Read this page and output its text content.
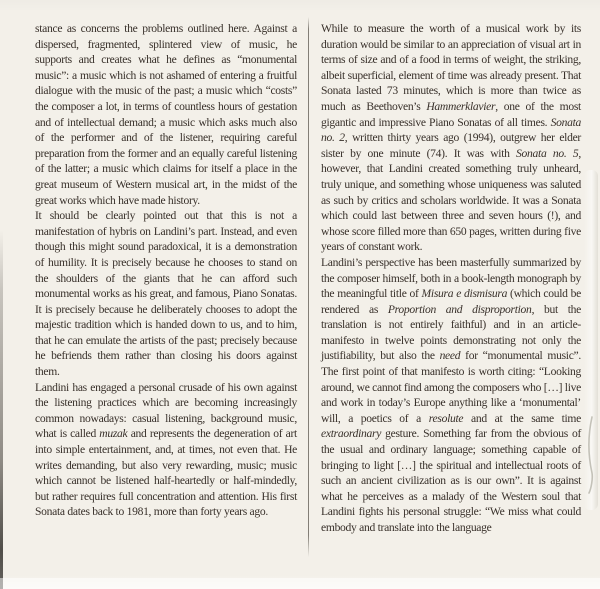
stance as concerns the problems outlined here. Against a dispersed, fragmented, splintered view of music, he supports and creates what he defines as “monumental music”: a music which is not ashamed of entering a fruitful dialogue with the music of the past; a music which “costs” the composer a lot, in terms of countless hours of gestation and of intellectual demand; a music which asks much also of the performer and of the listener, requiring careful preparation from the former and an equally careful listening of the latter; a music which claims for itself a place in the great museum of Western musical art, in the midst of the great works which have made history.

It should be clearly pointed out that this is not a manifestation of hybris on Landini’s part. Instead, and even though this might sound paradoxical, it is a demonstration of humility. It is precisely because he chooses to stand on the shoulders of the giants that he can afford such monumental works as his great, and famous, Piano Sonatas. It is precisely because he deliberately chooses to adopt the majestic tradition which is handed down to us, and to him, that he can emulate the artists of the past; precisely because he befriends them rather than closing his doors against them.

Landini has engaged a personal crusade of his own against the listening practices which are becoming increasingly common nowadays: casual listening, background music, what is called muzak and represents the degeneration of art into simple entertainment, and, at times, not even that. He writes demanding, but also very rewarding, music; music which cannot be listened half-heartedly or half-mindedly, but rather requires full concentration and attention. His first Sonata dates back to 1981, more than forty years ago.

While to measure the worth of a musical work by its duration would be similar to an appreciation of visual art in terms of size and of a food in terms of weight, the striking, albeit superficial, element of time was already present. That Sonata lasted 73 minutes, which is more than twice as much as Beethoven’s Hammerklavier, one of the most gigantic and impressive Piano Sonatas of all times. Sonata no. 2, written thirty years ago (1994), outgrew her elder sister by one minute (74). It was with Sonata no. 5, however, that Landini created something truly unheard, truly unique, and something whose uniqueness was saluted as such by critics and scholars worldwide. It was a Sonata which could last between three and seven hours (!), and whose score filled more than 650 pages, written during five years of constant work.

Landini’s perspective has been masterfully summarized by the composer himself, both in a book-length monograph by the meaningful title of Misura e dismisura (which could be rendered as Proportion and disproportion, but the translation is not entirely faithful) and in an article-manifesto in twelve points demonstrating not only the justifiability, but also the need for “monumental music”. The first point of that manifesto is worth citing: “Looking around, we cannot find among the composers who […] live and work in today’s Europe anything like a ‘monumental’ will, a poetics of a resolute and at the same time extraordinary gesture. Something far from the obvious of the usual and ordinary language; something capable of bringing to light […] the spiritual and intellectual roots of such an ancient civilization as is our own”. It is against what he perceives as a malady of the Western soul that Landini fights his personal struggle: “We miss what could embody and translate into the language
